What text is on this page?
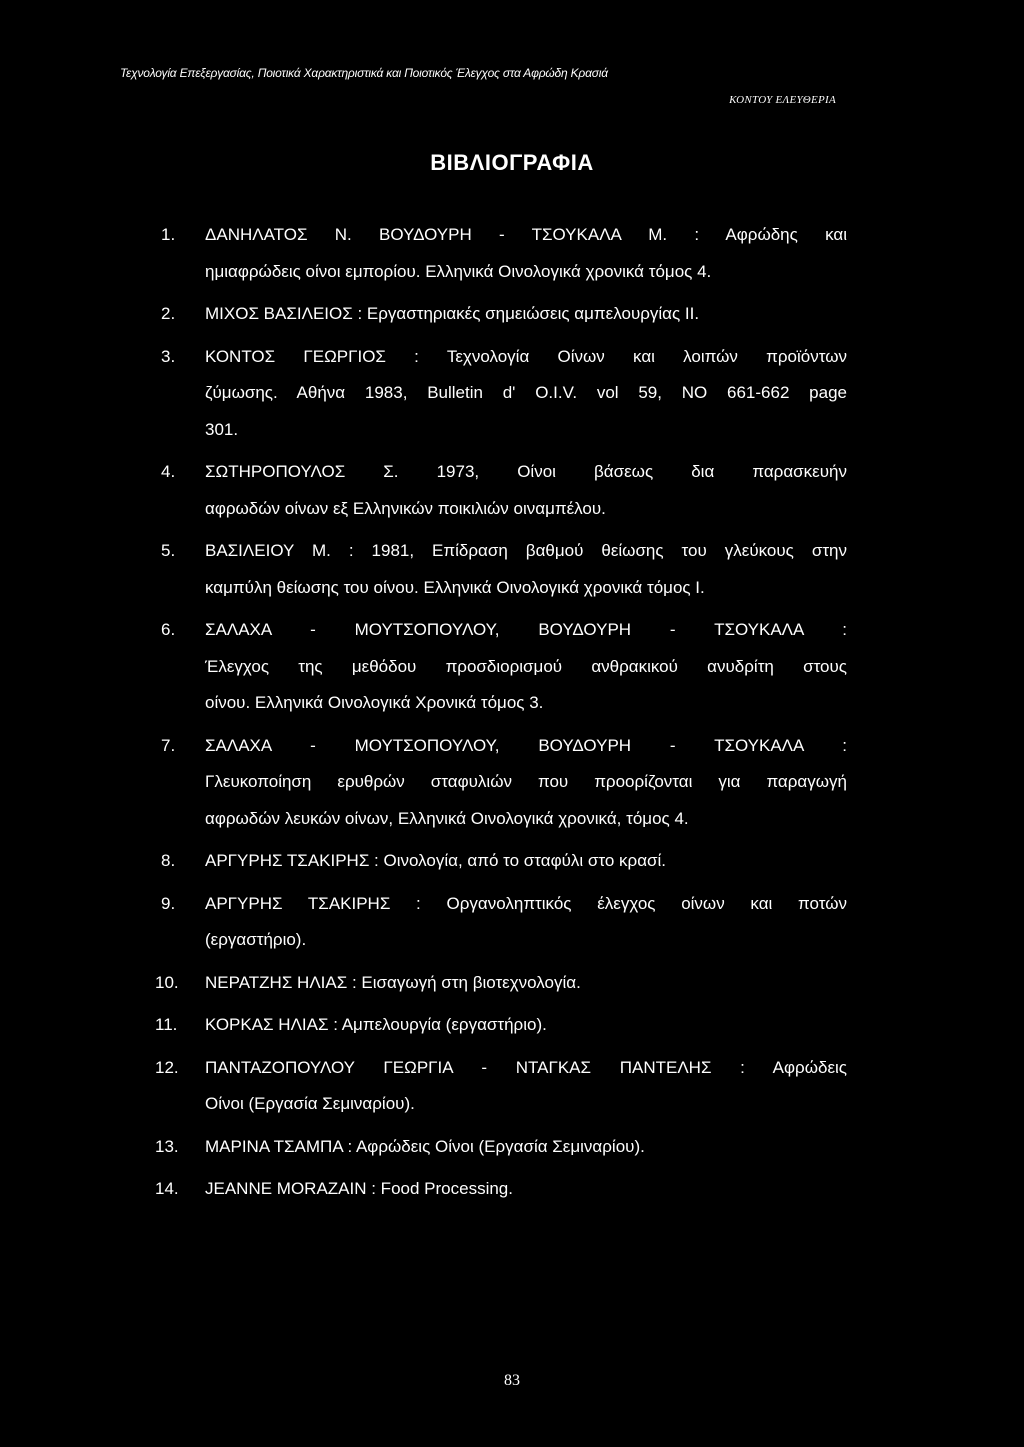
Τεχνολογία Επεξεργασίας, Ποιοτικά Χαρακτηριστικά και Ποιοτικός Έλεγχος στα Αφρώδη Κρασιά
ΚΟΝΤΟΥ ΕΛΕΥΘΕΡΙΑ
ΒΙΒΛΙΟΓΡΑΦΙΑ
1. ΔΑΝΗΛΑΤΟΣ Ν. ΒΟΥΔΟΥΡΗ - ΤΣΟΥΚΑΛΑ Μ. : Αφρώδης και
ημιαφρώδεις οίνοι εμπορίου. Ελληνικά Οινολογικά χρονικά τόμος 4.
2. ΜΙΧΟΣ ΒΑΣΙΛΕΙΟΣ : Εργαστηριακές σημειώσεις αμπελουργίας ΙΙ.
3. ΚΟΝΤΟΣ ΓΕΩΡΓΙΟΣ : Τεχνολογία Οίνων και λοιπών προϊόντων
ζύμωσης. Αθήνα 1983, Bulletin d' O.I.V. vol 59, NO 661-662 page
301.
4. ΣΩΤΗΡΟΠΟΥΛΟΣ Σ. 1973, Οίνοι βάσεως δια παρασκευήν
αφρωδών οίνων εξ Ελληνικών ποικιλιών οιναμπέλου.
5. ΒΑΣΙΛΕΙΟΥ Μ. : 1981, Επίδραση βαθμού θείωσης του γλεύκους στην
καμπύλη θείωσης του οίνου. Ελληνικά Οινολογικά χρονικά τόμος Ι.
6. ΣΑΛΑΧΑ - ΜΟΥΤΣΟΠΟΥΛΟΥ, ΒΟΥΔΟΥΡΗ - ΤΣΟΥΚΑΛΑ :
Έλεγχος της μεθόδου προσδιορισμού ανθρακικού ανυδρίτη στους
οίνου. Ελληνικά Οινολογικά Χρονικά τόμος 3.
7. ΣΑΛΑΧΑ - ΜΟΥΤΣΟΠΟΥΛΟΥ, ΒΟΥΔΟΥΡΗ - ΤΣΟΥΚΑΛΑ :
Γλευκοποίηση ερυθρών σταφυλιών που προορίζονται για παραγωγή
αφρωδών λευκών οίνων, Ελληνικά Οινολογικά χρονικά, τόμος 4.
8. ΑΡΓΥΡΗΣ ΤΣΑΚΙΡΗΣ : Οινολογία, από το σταφύλι στο κρασί.
9. ΑΡΓΥΡΗΣ ΤΣΑΚΙΡΗΣ : Οργανοληπτικός έλεγχος οίνων και ποτών
(εργαστήριο).
10. ΝΕΡΑΤΖΗΣ ΗΛΙΑΣ : Εισαγωγή στη βιοτεχνολογία.
11. ΚΟΡΚΑΣ ΗΛΙΑΣ : Αμπελουργία (εργαστήριο).
12. ΠΑΝΤΑΖΟΠΟΥΛΟΥ ΓΕΩΡΓΙΑ - ΝΤΑΓΚΑΣ ΠΑΝΤΕΛΗΣ : Αφρώδεις
Οίνοι (Εργασία Σεμιναρίου).
13. ΜΑΡΙΝΑ ΤΣΑΜΠΑ : Αφρώδεις Οίνοι (Εργασία Σεμιναρίου).
14. JEANNE MORAZAIN : Food Processing.
83
